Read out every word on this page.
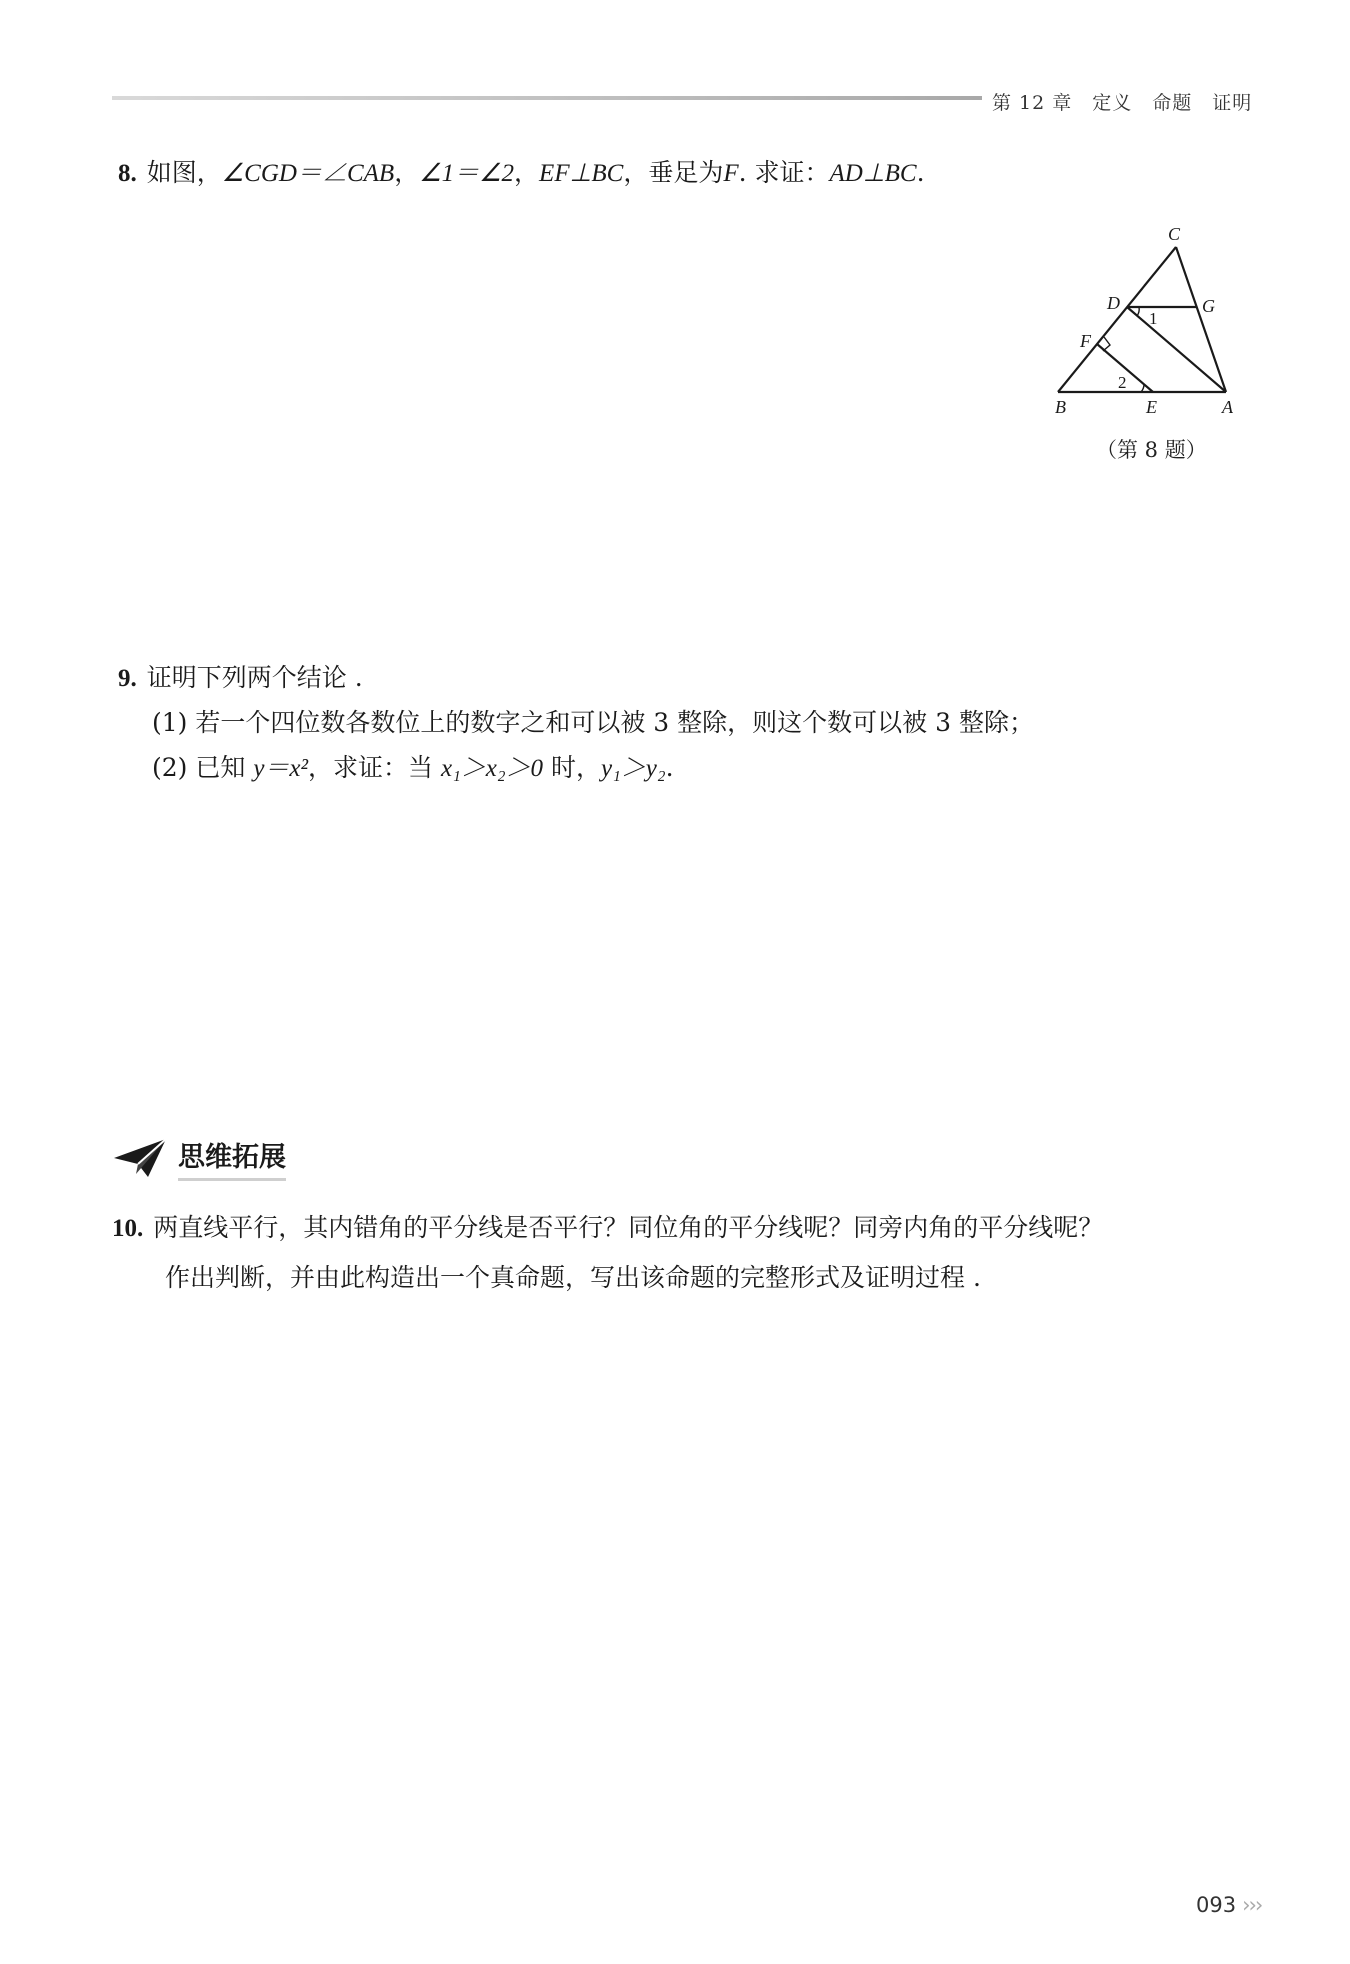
第 12 章　定义　命题　证明
8. 如图，∠CGD＝∠CAB，∠1＝∠2，EF⊥BC，垂足为F. 求证：AD⊥BC.
C
D	G
F
B	E	A
1
2
（第 8 题）
9. 证明下列两个结论 .
(1) 若一个四位数各数位上的数字之和可以被 3 整除，则这个数可以被 3 整除；
(2) 已知 y＝x²，求证：当 x₁＞x₂＞0 时，y₁＞y₂.
思维拓展
10. 两直线平行，其内错角的平分线是否平行？同位角的平分线呢？同旁内角的平分线呢？
作出判断，并由此构造出一个真命题，写出该命题的完整形式及证明过程 .
093 ›››
